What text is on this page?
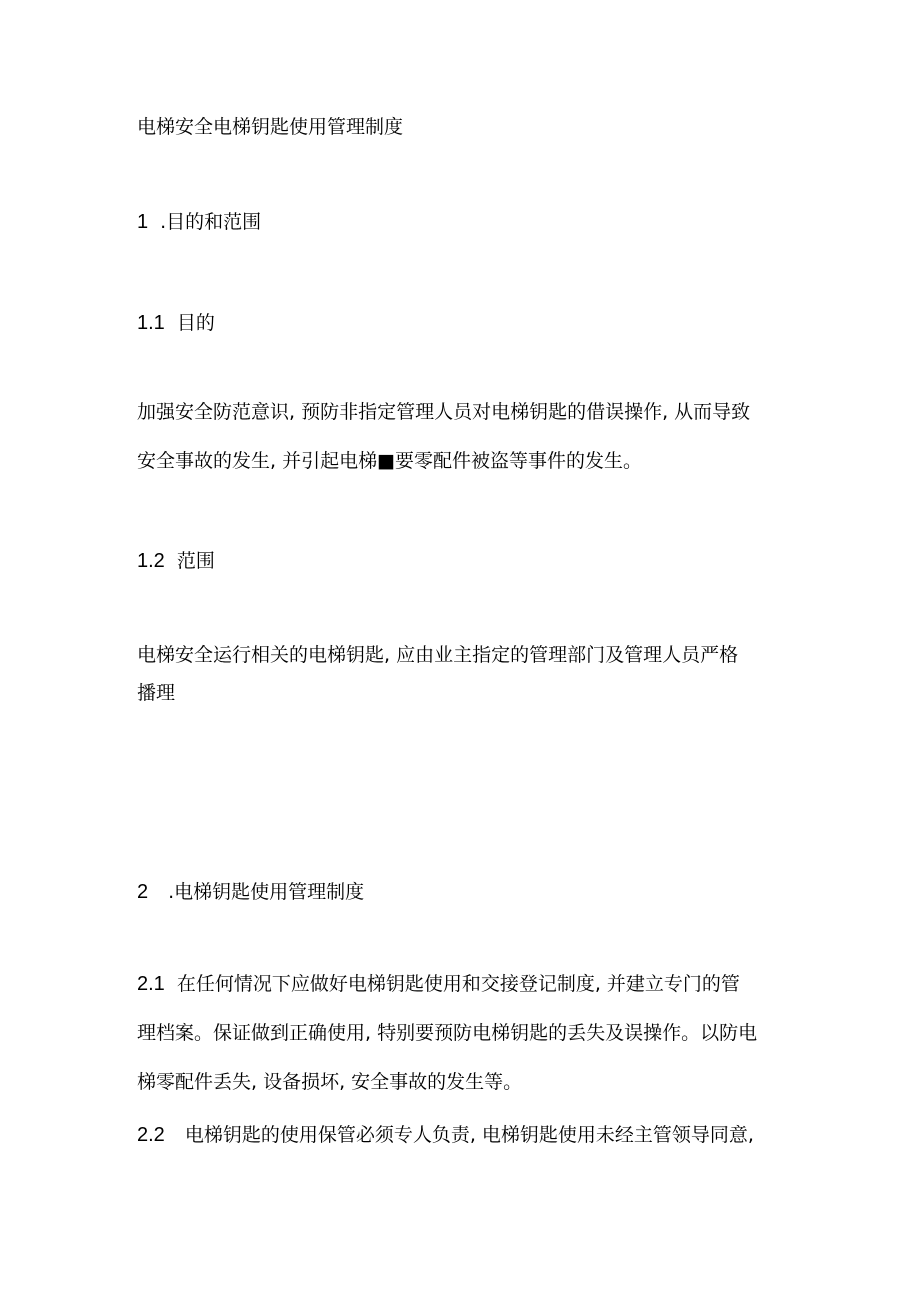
电梯安全电梯钥匙使用管理制度
1 .目的和范围
1.1 目的
加强安全防范意识, 预防非指定管理人员对电梯钥匙的借误操作, 从而导致
安全事故的发生, 并引起电梯■要零配件被盗等事件的发生。
1.2 范围
电梯安全运行相关的电梯钥匙, 应由业主指定的管理部门及管理人员严格
播理
2 .电梯钥匙使用管理制度
2.1 在任何情况下应做好电梯钥匙使用和交接登记制度, 并建立专门的管
理档案。保证做到正确使用, 特别要预防电梯钥匙的丢失及误操作。以防电
梯零配件丢失, 设备损坏, 安全事故的发生等。
2.2 电梯钥匙的使用保管必须专人负责, 电梯钥匙使用未经主管领导同意,
